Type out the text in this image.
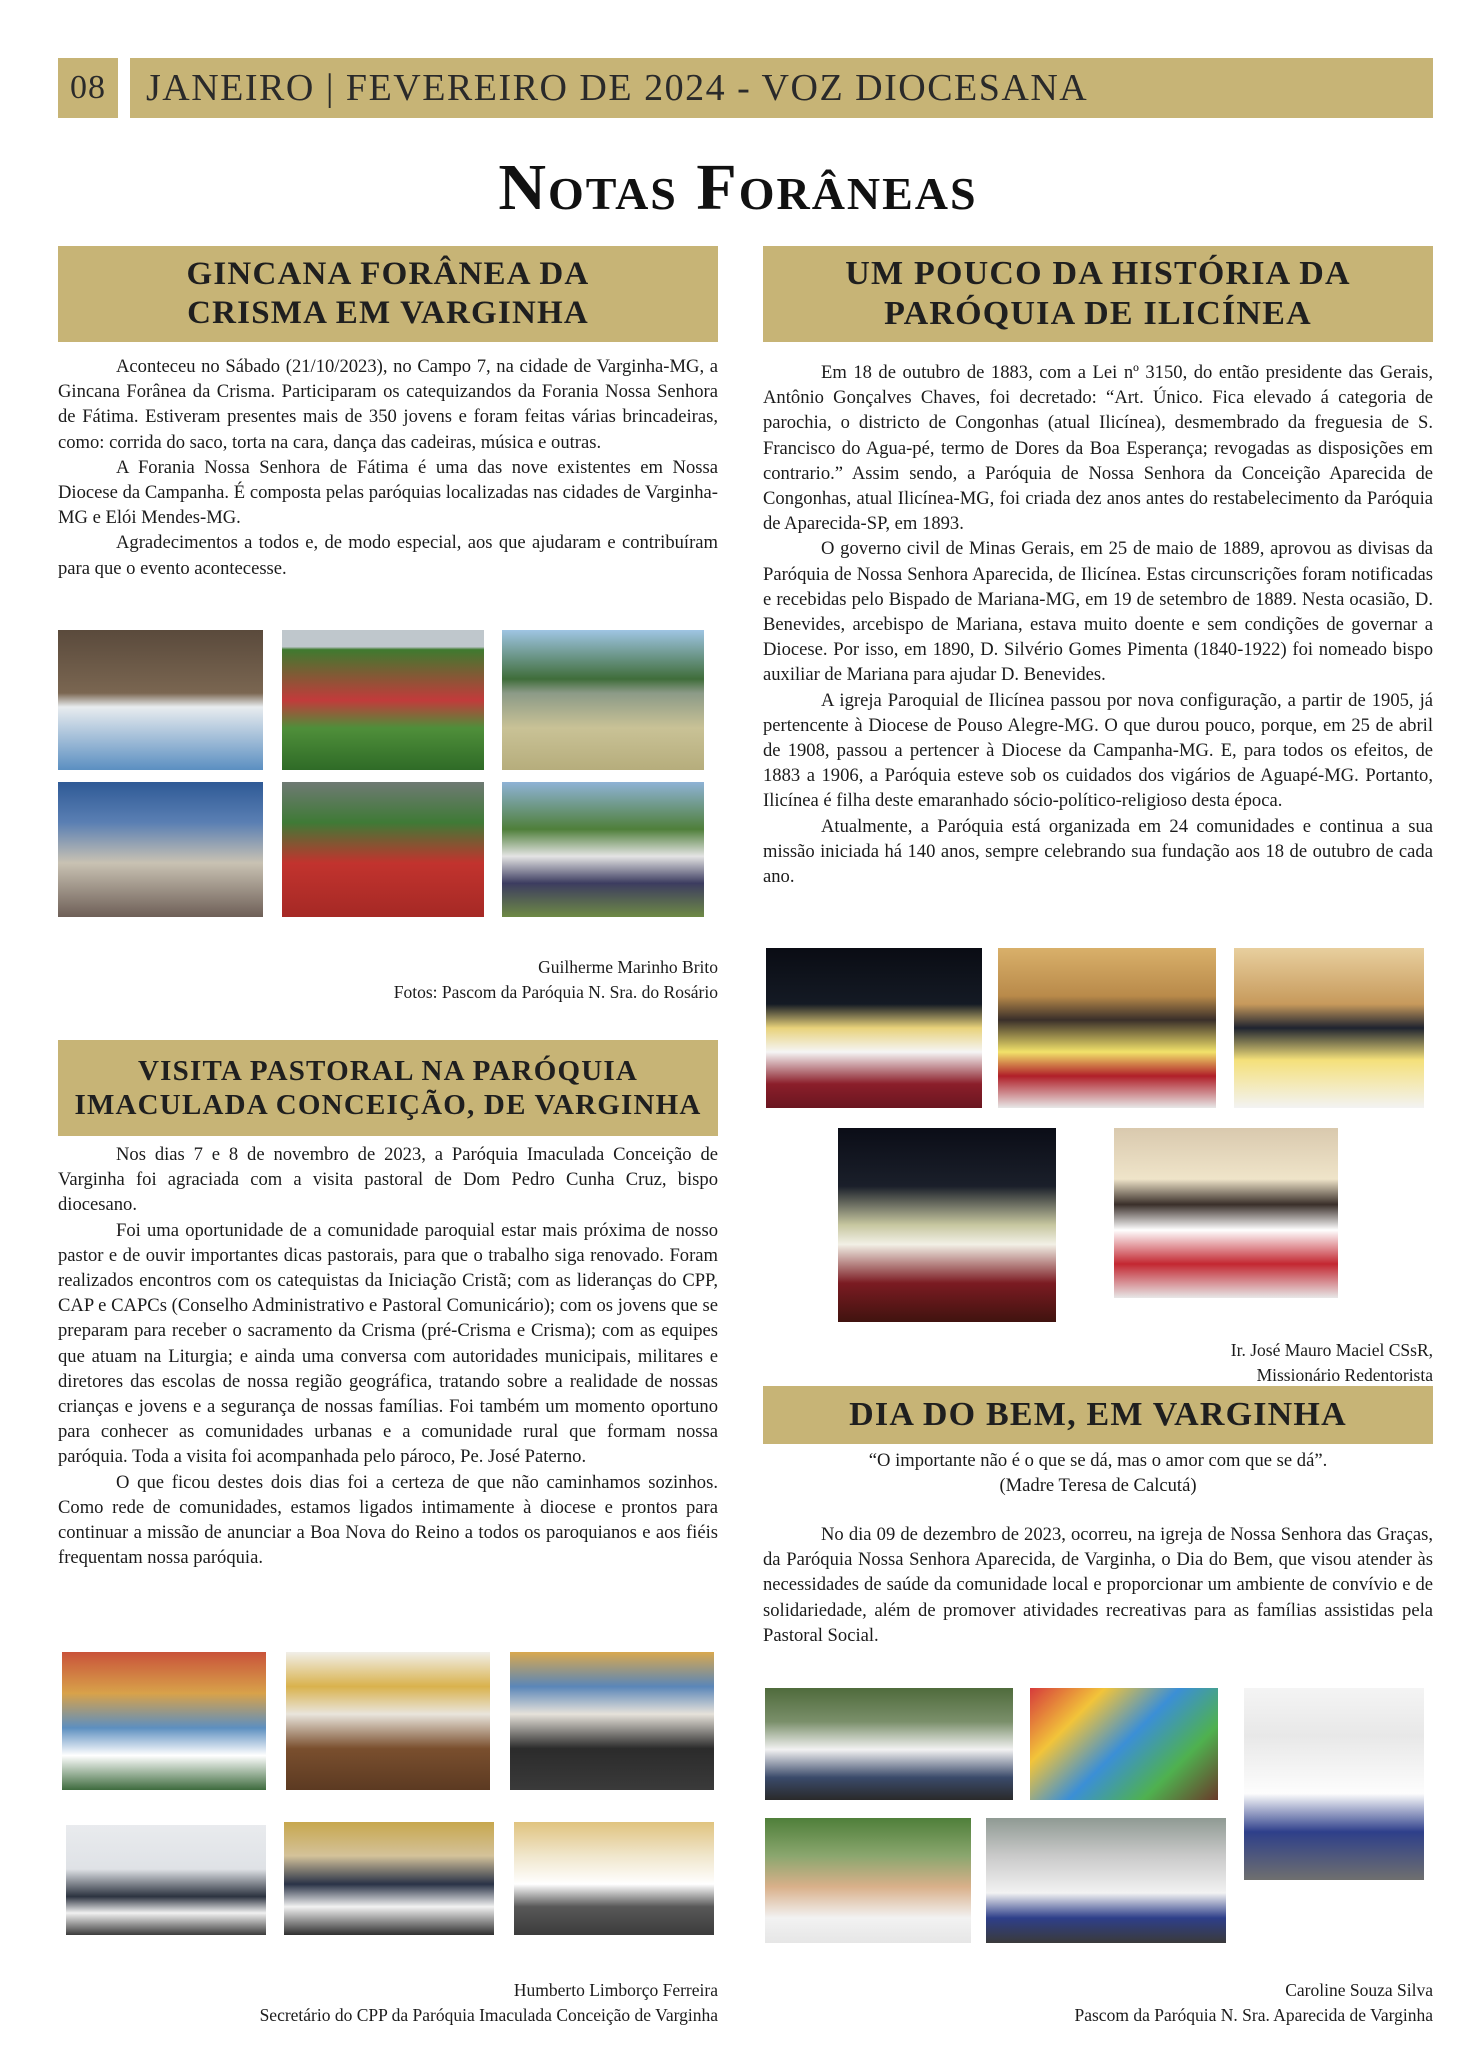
08	JANEIRO | FEVEREIRO DE 2024 - VOZ DIOCESANA
Notas Forâneas
GINCANA FORÂNEA DA
CRISMA EM VARGINHA

Aconteceu no Sábado (21/10/2023), no Campo 7, na cidade de Varginha-MG, a Gincana Forânea da Crisma. Participaram os catequizandos da Forania Nossa Senhora de Fátima. Estiveram presentes mais de 350 jovens e foram feitas várias brincadeiras, como: corrida do saco, torta na cara, dança das cadeiras, música e outras.

A Forania Nossa Senhora de Fátima é uma das nove existentes em Nossa Diocese da Campanha. É composta pelas paróquias localizadas nas cidades de Varginha-MG e Elói Mendes-MG.

Agradecimentos a todos e, de modo especial, aos que ajudaram e contribuíram para que o evento acontecesse.

Guilherme Marinho Brito
Fotos: Pascom da Paróquia N. Sra. do Rosário
VISITA PASTORAL NA PARÓQUIA
IMACULADA CONCEIÇÃO, DE VARGINHA

Nos dias 7 e 8 de novembro de 2023, a Paróquia Imaculada Conceição de Varginha foi agraciada com a visita pastoral de Dom Pedro Cunha Cruz, bispo diocesano.

Foi uma oportunidade de a comunidade paroquial estar mais próxima de nosso pastor e de ouvir importantes dicas pastorais, para que o trabalho siga renovado. Foram realizados encontros com os catequistas da Iniciação Cristã; com as lideranças do CPP, CAP e CAPCs (Conselho Administrativo e Pastoral Comunicário); com os jovens que se preparam para receber o sacramento da Crisma (pré-Crisma e Crisma); com as equipes que atuam na Liturgia; e ainda uma conversa com autoridades municipais, militares e diretores das escolas de nossa região geográfica, tratando sobre a realidade de nossas crianças e jovens e a segurança de nossas famílias. Foi também um momento oportuno para conhecer as comunidades urbanas e a comunidade rural que formam nossa paróquia. Toda a visita foi acompanhada pelo pároco, Pe. José Paterno.

O que ficou destes dois dias foi a certeza de que não caminhamos sozinhos. Como rede de comunidades, estamos ligados intimamente à diocese e prontos para continuar a missão de anunciar a Boa Nova do Reino a todos os paroquianos e aos fiéis frequentam nossa paróquia.

Humberto Limborço Ferreira
Secretário do CPP da Paróquia Imaculada Conceição de Varginha
UM POUCO DA HISTÓRIA DA
PARÓQUIA DE ILICÍNEA

Em 18 de outubro de 1883, com a Lei nº 3150, do então presidente das Gerais, Antônio Gonçalves Chaves, foi decretado: “Art. Único. Fica elevado á categoria de parochia, o districto de Congonhas (atual Ilicínea), desmembrado da freguesia de S. Francisco do Agua-pé, termo de Dores da Boa Esperança; revogadas as disposições em contrario.” Assim sendo, a Paróquia de Nossa Senhora da Conceição Aparecida de Congonhas, atual Ilicínea-MG, foi criada dez anos antes do restabelecimento da Paróquia de Aparecida-SP, em 1893.

O governo civil de Minas Gerais, em 25 de maio de 1889, aprovou as divisas da Paróquia de Nossa Senhora Aparecida, de Ilicínea. Estas circunscrições foram notificadas e recebidas pelo Bispado de Mariana-MG, em 19 de setembro de 1889. Nesta ocasião, D. Benevides, arcebispo de Mariana, estava muito doente e sem condições de governar a Diocese. Por isso, em 1890, D. Silvério Gomes Pimenta (1840-1922) foi nomeado bispo auxiliar de Mariana para ajudar D. Benevides.

A igreja Paroquial de Ilicínea passou por nova configuração, a partir de 1905, já pertencente à Diocese de Pouso Alegre-MG. O que durou pouco, porque, em 25 de abril de 1908, passou a pertencer à Diocese da Campanha-MG. E, para todos os efeitos, de 1883 a 1906, a Paróquia esteve sob os cuidados dos vigários de Aguapé-MG. Portanto, Ilicínea é filha deste emaranhado sócio-político-religioso desta época.

Atualmente, a Paróquia está organizada em 24 comunidades e continua a sua missão iniciada há 140 anos, sempre celebrando sua fundação aos 18 de outubro de cada ano.

Ir. José Mauro Maciel CSsR,
Missionário Redentorista
DIA DO BEM, EM VARGINHA
“O importante não é o que se dá, mas o amor com que se dá”.
(Madre Teresa de Calcutá)

No dia 09 de dezembro de 2023, ocorreu, na igreja de Nossa Senhora das Graças, da Paróquia Nossa Senhora Aparecida, de Varginha, o Dia do Bem, que visou atender às necessidades de saúde da comunidade local e proporcionar um ambiente de convívio e de solidariedade, além de promover atividades recreativas para as famílias assistidas pela Pastoral Social.

Caroline Souza Silva
Pascom da Paróquia N. Sra. Aparecida de Varginha
